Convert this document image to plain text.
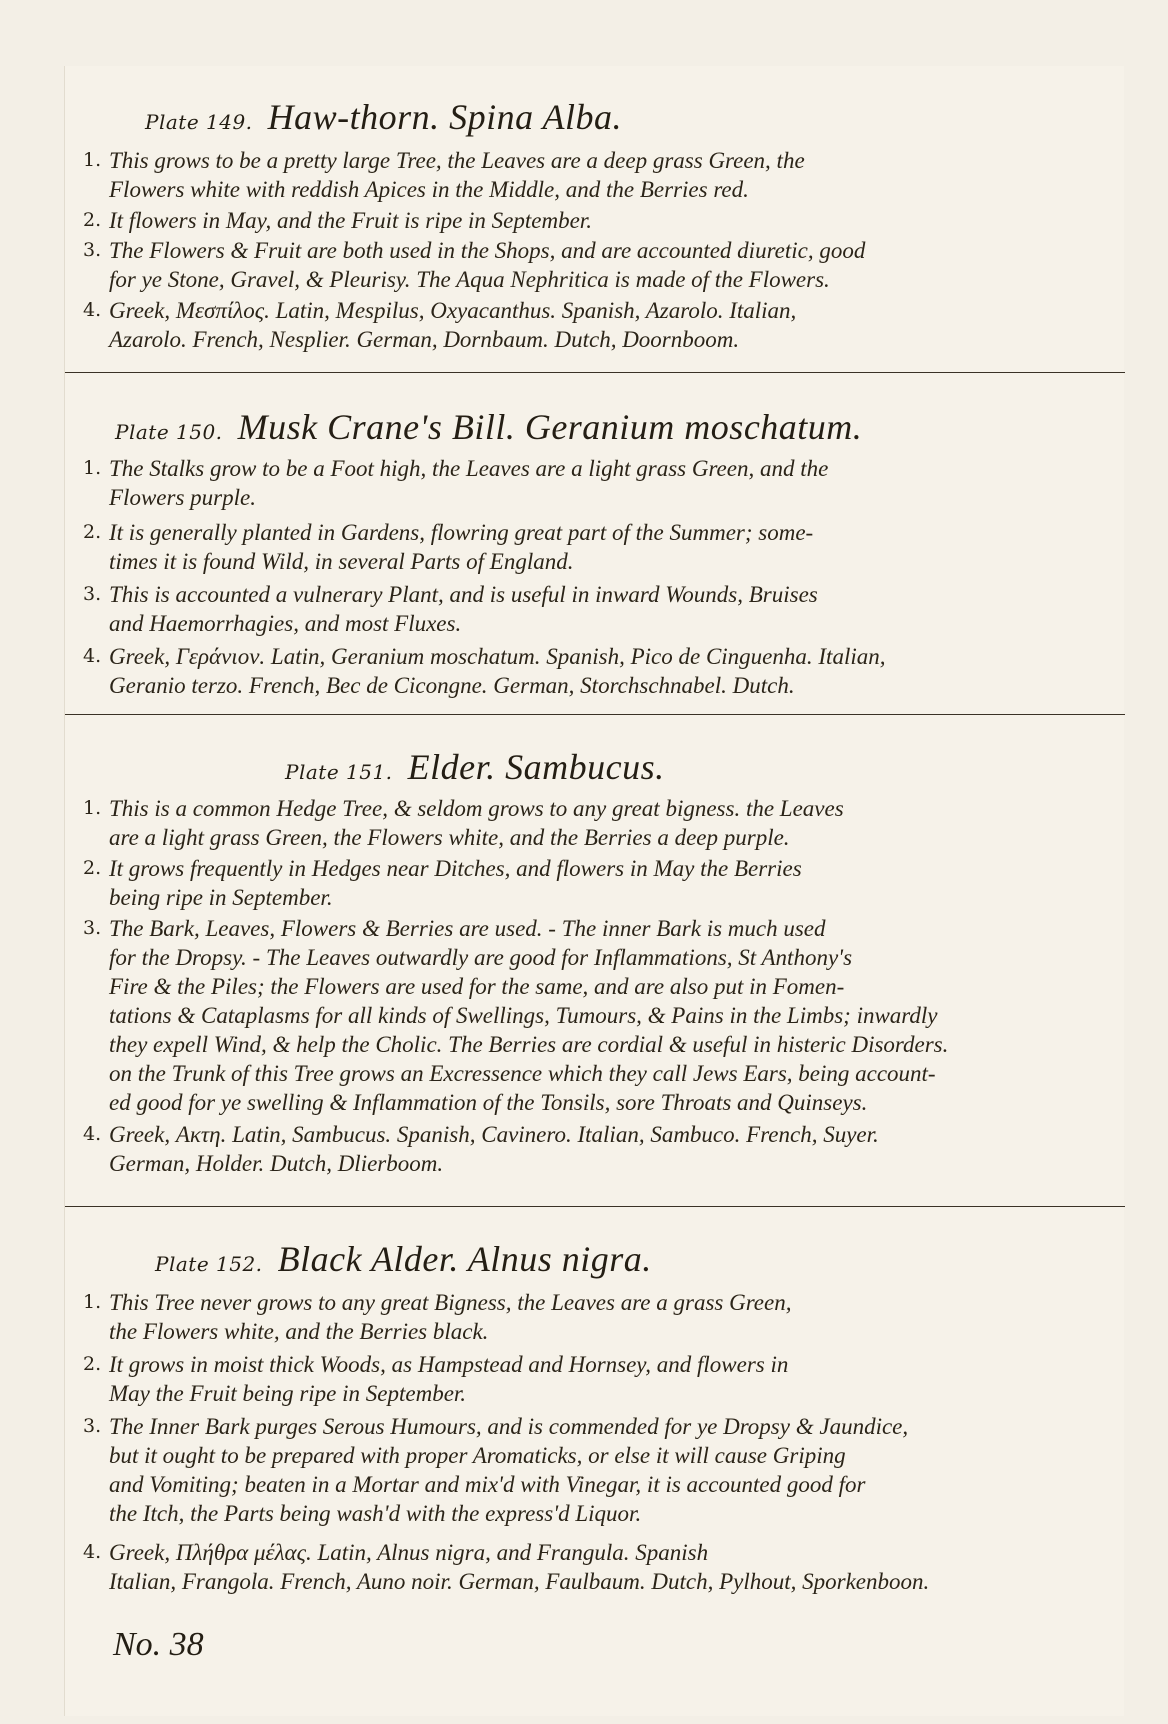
Plate 149. Haw-thorn. Spina Alba.
1. This grows to be a pretty large Tree, the Leaves are a deep grass Green, the
Flowers white with reddish Apices in the Middle, and the Berries red.
2. It flowers in May, and the Fruit is ripe in September.
3. The Flowers & Fruit are both used in the Shops, and are accounted diuretic, good
for ye Stone, Gravel, & Pleurisy. The Aqua Nephritica is made of the Flowers.
4. Greek, Μεσπίλος. Latin, Mespilus, Oxyacanthus. Spanish, Azarolo. Italian,
Azarolo. French, Nesplier. German, Dornbaum. Dutch, Doornboom.
Plate 150. Musk Crane's Bill. Geranium moschatum.
1. The Stalks grow to be a Foot high, the Leaves are a light grass Green, and the
Flowers purple.
2. It is generally planted in Gardens, flowring great part of the Summer; some-
times it is found Wild, in several Parts of England.
3. This is accounted a vulnerary Plant, and is useful in inward Wounds, Bruises
and Haemorrhagies, and most Fluxes.
4. Greek, Γεράνιον. Latin, Geranium moschatum. Spanish, Pico de Cinguenha. Italian,
Geranio terzo. French, Bec de Cicongne. German, Storchschnabel. Dutch.
Plate 151. Elder. Sambucus.
1. This is a common Hedge Tree, & seldom grows to any great bigness. the Leaves
are a light grass Green, the Flowers white, and the Berries a deep purple.
2. It grows frequently in Hedges near Ditches, and flowers in May the Berries
being ripe in September.
3. The Bark, Leaves, Flowers & Berries are used. - The inner Bark is much used
for the Dropsy. - The Leaves outwardly are good for Inflammations, St Anthony's
Fire & the Piles; the Flowers are used for the same, and are also put in Fomen-
tations & Cataplasms for all kinds of Swellings, Tumours, & Pains in the Limbs; inwardly
they expell Wind, & help the Cholic. The Berries are cordial & useful in histeric Disorders.
on the Trunk of this Tree grows an Excressence which they call Jews Ears, being account-
ed good for ye swelling & Inflammation of the Tonsils, sore Throats and Quinseys.
4. Greek, Ακτη. Latin, Sambucus. Spanish, Cavinero. Italian, Sambuco. French, Suyer.
German, Holder. Dutch, Dlierboom.
Plate 152. Black Alder. Alnus nigra.
1. This Tree never grows to any great Bigness, the Leaves are a grass Green,
the Flowers white, and the Berries black.
2. It grows in moist thick Woods, as Hampstead and Hornsey, and flowers in
May the Fruit being ripe in September.
3. The Inner Bark purges Serous Humours, and is commended for ye Dropsy & Jaundice,
but it ought to be prepared with proper Aromaticks, or else it will cause Griping
and Vomiting; beaten in a Mortar and mix'd with Vinegar, it is accounted good for
the Itch, the Parts being wash'd with the express'd Liquor.
4. Greek, Πλήθρα μέλας. Latin, Alnus nigra, and Frangula. Spanish
Italian, Frangola. French, Auno noir. German, Faulbaum. Dutch, Pylhout, Sporkenboon.
No. 38
